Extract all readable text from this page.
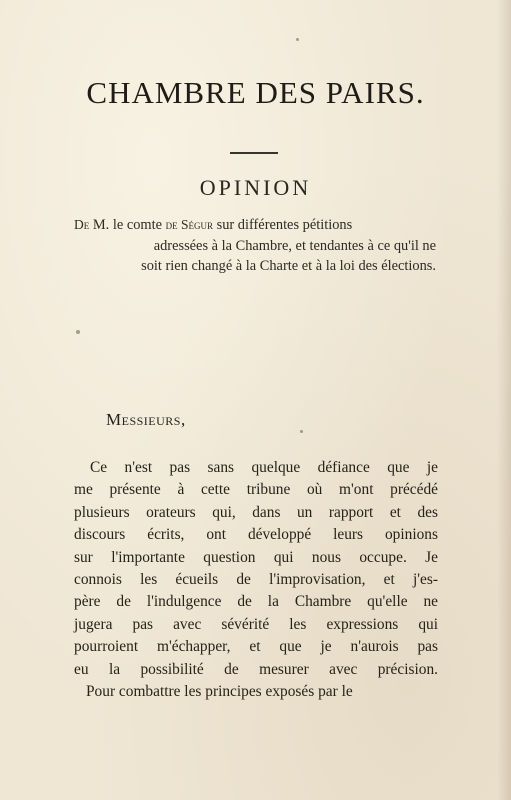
CHAMBRE DES PAIRS.
OPINION
De M. le comte de Ségur sur différentes pétitions
adressées à la Chambre, et tendantes à ce qu'il ne
soit rien changé à la Charte et à la loi des élections.
Messieurs,
Ce n'est pas sans quelque défiance que je
me présente à cette tribune où m'ont précédé
plusieurs orateurs qui, dans un rapport et des
discours écrits, ont développé leurs opinions
sur l'importante question qui nous occupe. Je
connois les écueils de l'improvisation, et j'es-
père de l'indulgence de la Chambre qu'elle ne
jugera pas avec sévérité les expressions qui
pourroient m'échapper, et que je n'aurois pas
eu la possibilité de mesurer avec précision.
Pour combattre les principes exposés par le
